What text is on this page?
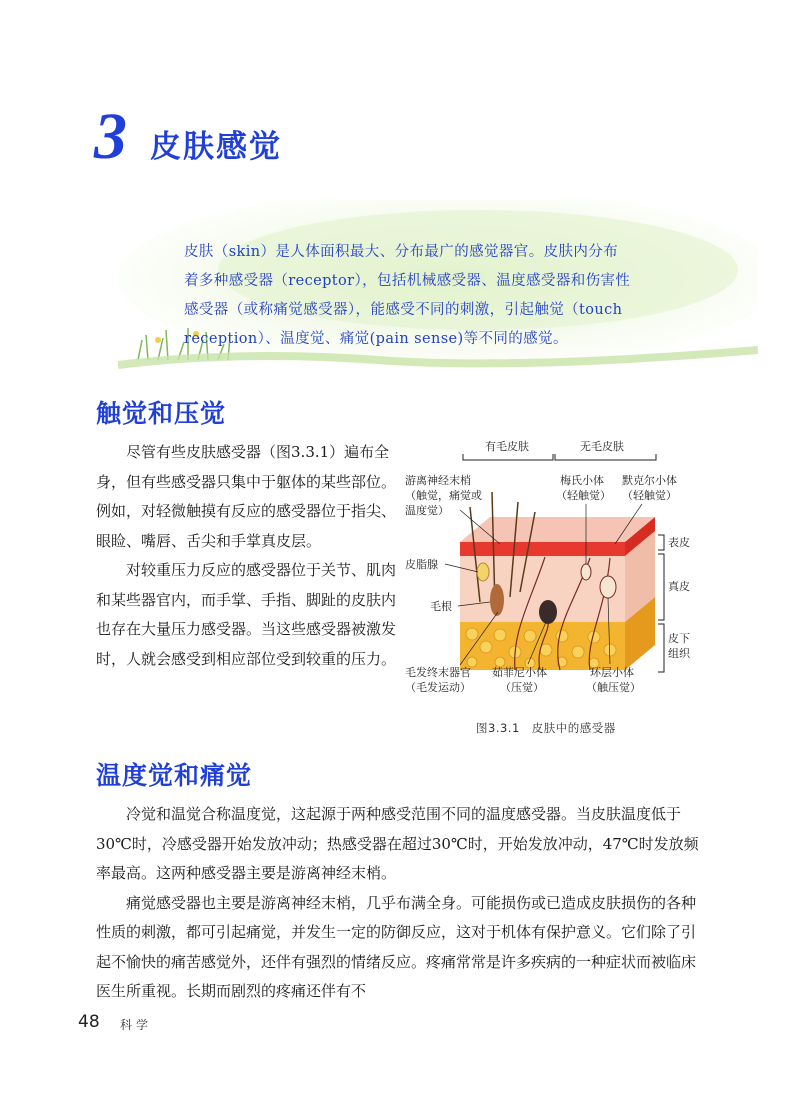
3 皮肤感觉
皮肤（skin）是人体面积最大、分布最广的感觉器官。皮肤内分布着多种感受器（receptor），包括机械感受器、温度感受器和伤害性感受器（或称痛觉感受器），能感受不同的刺激，引起触觉（touch reception）、温度觉、痛觉(pain sense)等不同的感觉。
触觉和压觉

尽管有些皮肤感受器（图3.3.1）遍布全身，但有些感受器只集中于躯体的某些部位。例如，对轻微触摸有反应的感受器位于指尖、眼睑、嘴唇、舌尖和手掌真皮层。

对较重压力反应的感受器位于关节、肌肉和某些器官内，而手掌、手指、脚趾的皮肤内也存在大量压力感受器。当这些感受器被激发时，人就会感受到相应部位受到较重的压力。

有毛皮肤	无毛皮肤
表皮
真皮
皮下
组织
游离神经末梢
（触觉，痛觉或
温度觉）
皮脂腺
毛根
毛发终末器官
（毛发运动）
梅氏小体
（轻触觉）
默克尔小体
（轻触觉）
茹菲尼小体
（压觉）
环层小体
（触压觉）
图3.3.1　皮肤中的感受器
温度觉和痛觉

冷觉和温觉合称温度觉，这起源于两种感受范围不同的温度感受器。当皮肤温度低于30℃时，冷感受器开始发放冲动；热感受器在超过30℃时，开始发放冲动，47℃时发放频率最高。这两种感受器主要是游离神经末梢。

痛觉感受器也主要是游离神经末梢，几乎布满全身。可能损伤或已造成皮肤损伤的各种性质的刺激，都可引起痛觉，并发生一定的防御反应，这对于机体有保护意义。它们除了引起不愉快的痛苦感觉外，还伴有强烈的情绪反应。疼痛常常是许多疾病的一种症状而被临床医生所重视。长期而剧烈的疼痛还伴有不

48 科学
